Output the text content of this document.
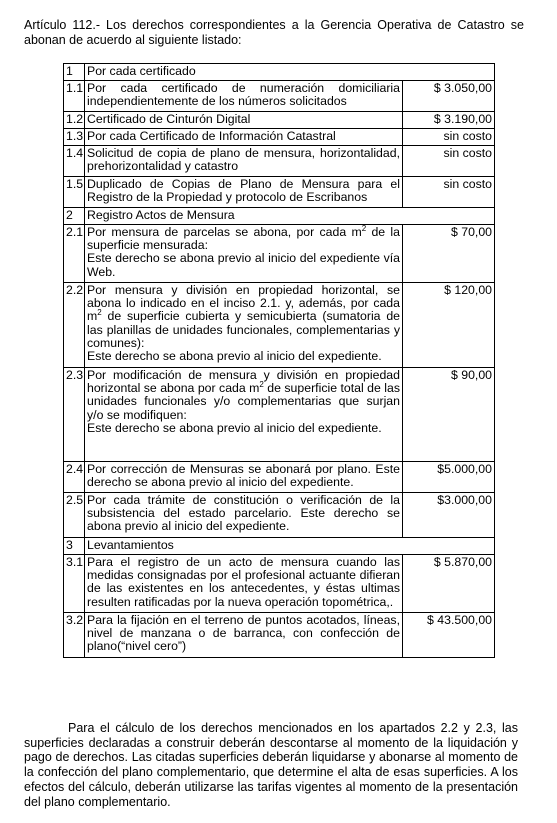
Artículo 112.- Los derechos correspondientes a la Gerencia Operativa de Catastro se abonan de acuerdo al siguiente listado:
1	Por cada certificado	
1.1	Por cada certificado de numeración domiciliaria independientemente de los números solicitados	$ 3.050,00
1.2	Certificado de Cinturón Digital	$ 3.190,00
1.3	Por cada Certificado de Información Catastral	sin costo
1.4	Solicitud de copia de plano de mensura, horizontalidad, prehorizontalidad y catastro	sin costo
1.5	Duplicado de Copias de Plano de Mensura para el Registro de la Propiedad y protocolo de Escribanos	sin costo
2	Registro Actos de Mensura	
2.1	Por mensura de parcelas se abona, por cada $m^2$ de la superficie mensurada:
Este derecho se abona previo al inicio del expediente vía Web.	$ 70,00
2.2	Por mensura y división en propiedad horizontal, se abona lo indicado en el inciso 2.1. y, además, por cada $m^2$ de superficie cubierta y semicubierta (sumatoria de las planillas de unidades funcionales, complementarias y comunes):
Este derecho se abona previo al inicio del expediente.	$ 120,00
2.3	Por modificación de mensura y división en propiedad horizontal se abona por cada $m^2$ de superficie total de las unidades funcionales y/o complementarias que surjan y/o se modifiquen:
Este derecho se abona previo al inicio del expediente.	$ 90,00
2.4	Por corrección de Mensuras se abonará por plano. Este derecho se abona previo al inicio del expediente.	$5.000,00
2.5	Por cada trámite de constitución o verificación de la subsistencia del estado parcelario. Este derecho se abona previo al inicio del expediente.	$3.000,00
3	Levantamientos	
3.1	Para el registro de un acto de mensura cuando las medidas consignadas por el profesional actuante difieran de las existentes en los antecedentes, y éstas ultimas resulten ratificadas por la nueva operación topométrica,.	$ 5.870,00
3.2	Para la fijación en el terreno de puntos acotados, líneas, nivel de manzana o de barranca, con confección de plano(“nivel cero”)	$ 43.500,00
Para el cálculo de los derechos mencionados en los apartados 2.2 y 2.3, las superficies declaradas a construir deberán descontarse al momento de la liquidación y pago de derechos. Las citadas superficies deberán liquidarse y abonarse al momento de la confección del plano complementario, que determine el alta de esas superficies. A los efectos del cálculo, deberán utilizarse las tarifas vigentes al momento de la presentación del plano complementario.
